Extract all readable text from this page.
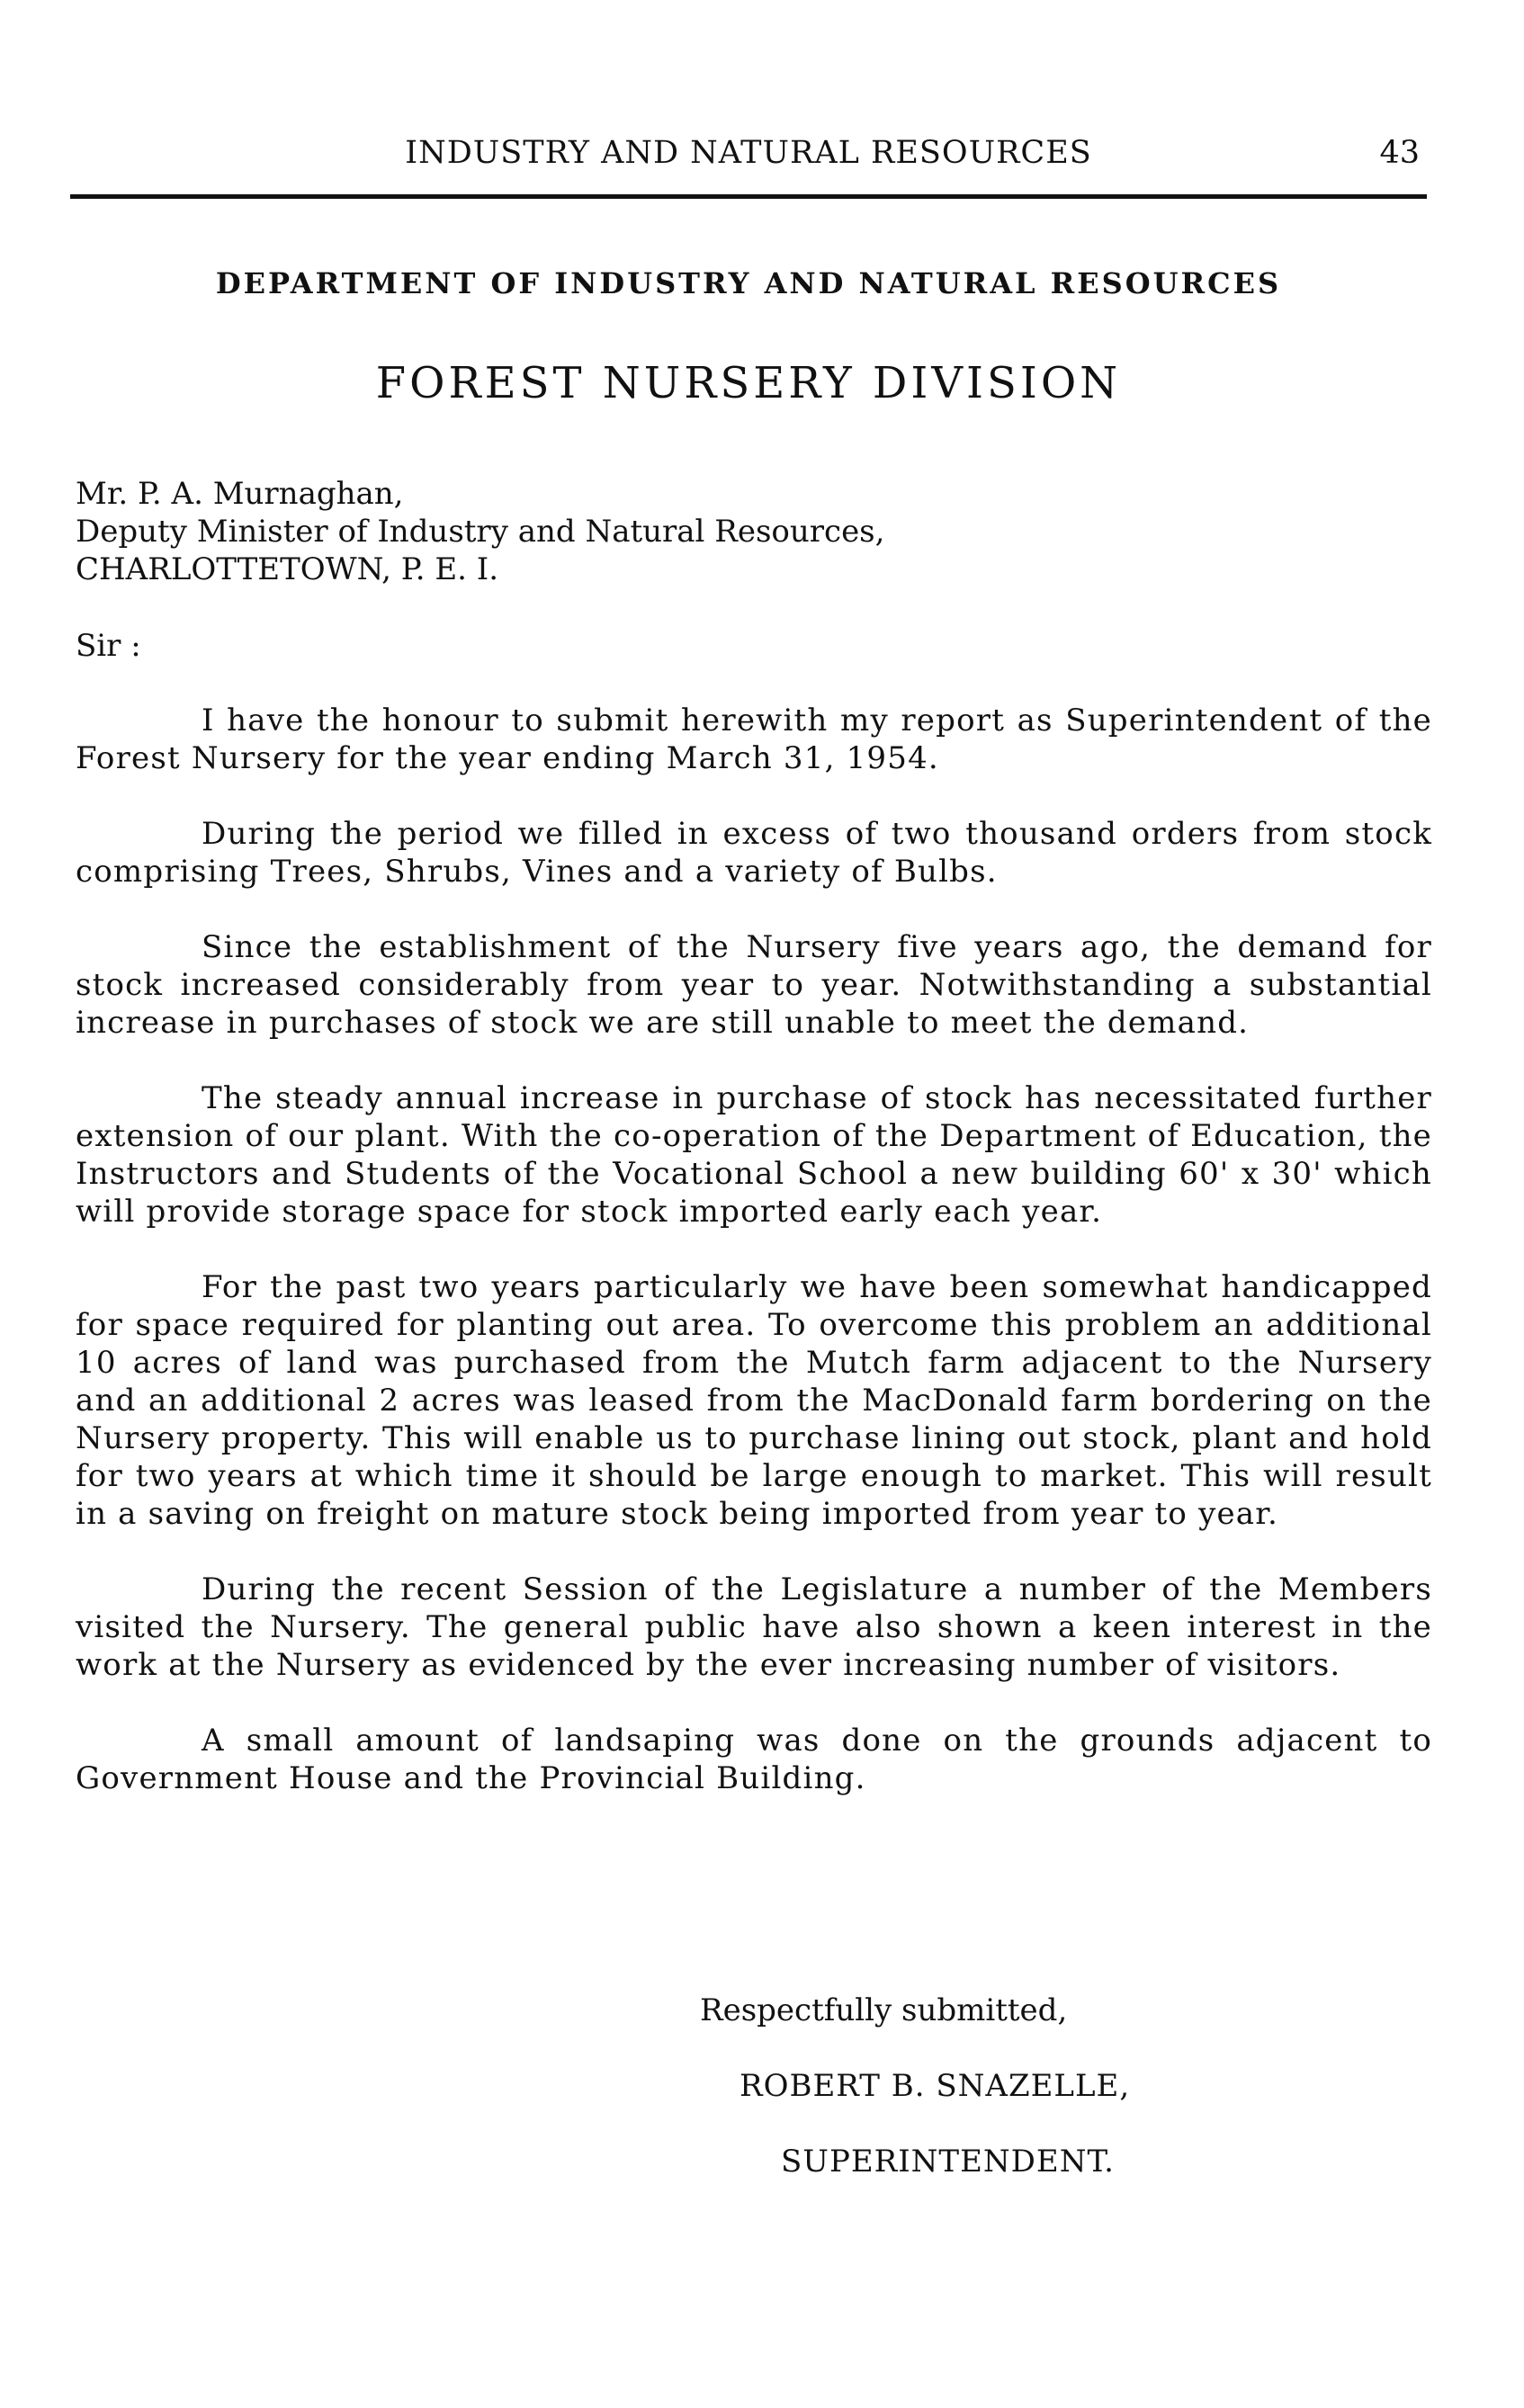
INDUSTRY AND NATURAL RESOURCES	43
DEPARTMENT OF INDUSTRY AND NATURAL RESOURCES
FOREST NURSERY DIVISION
Mr. P. A. Murnaghan,
Deputy Minister of Industry and Natural Resources,
CHARLOTTETOWN, P. E. I.
Sir :

I have the honour to submit herewith my report as Superintendent of the Forest Nursery for the year ending March 31, 1954.

During the period we filled in excess of two thousand orders from stock comprising Trees, Shrubs, Vines and a variety of Bulbs.

Since the establishment of the Nursery five years ago, the demand for stock increased considerably from year to year. Notwithstanding a substantial increase in purchases of stock we are still unable to meet the demand.

The steady annual increase in purchase of stock has necessitated further extension of our plant. With the co-operation of the Department of Education, the Instructors and Students of the Vocational School a new building 60' x 30' which will provide storage space for stock imported early each year.

For the past two years particularly we have been somewhat handicapped for space required for planting out area. To overcome this problem an additional 10 acres of land was purchased from the Mutch farm adjacent to the Nursery and an additional 2 acres was leased from the MacDonald farm bordering on the Nursery property. This will enable us to purchase lining out stock, plant and hold for two years at which time it should be large enough to market. This will result in a saving on freight on mature stock being imported from year to year.

During the recent Session of the Legislature a number of the Members visited the Nursery. The general public have also shown a keen interest in the work at the Nursery as evidenced by the ever increasing number of visitors.

A small amount of landsaping was done on the grounds adjacent to Government House and the Provincial Building.

Respectfully submitted,
ROBERT B. SNAZELLE,
SUPERINTENDENT.
